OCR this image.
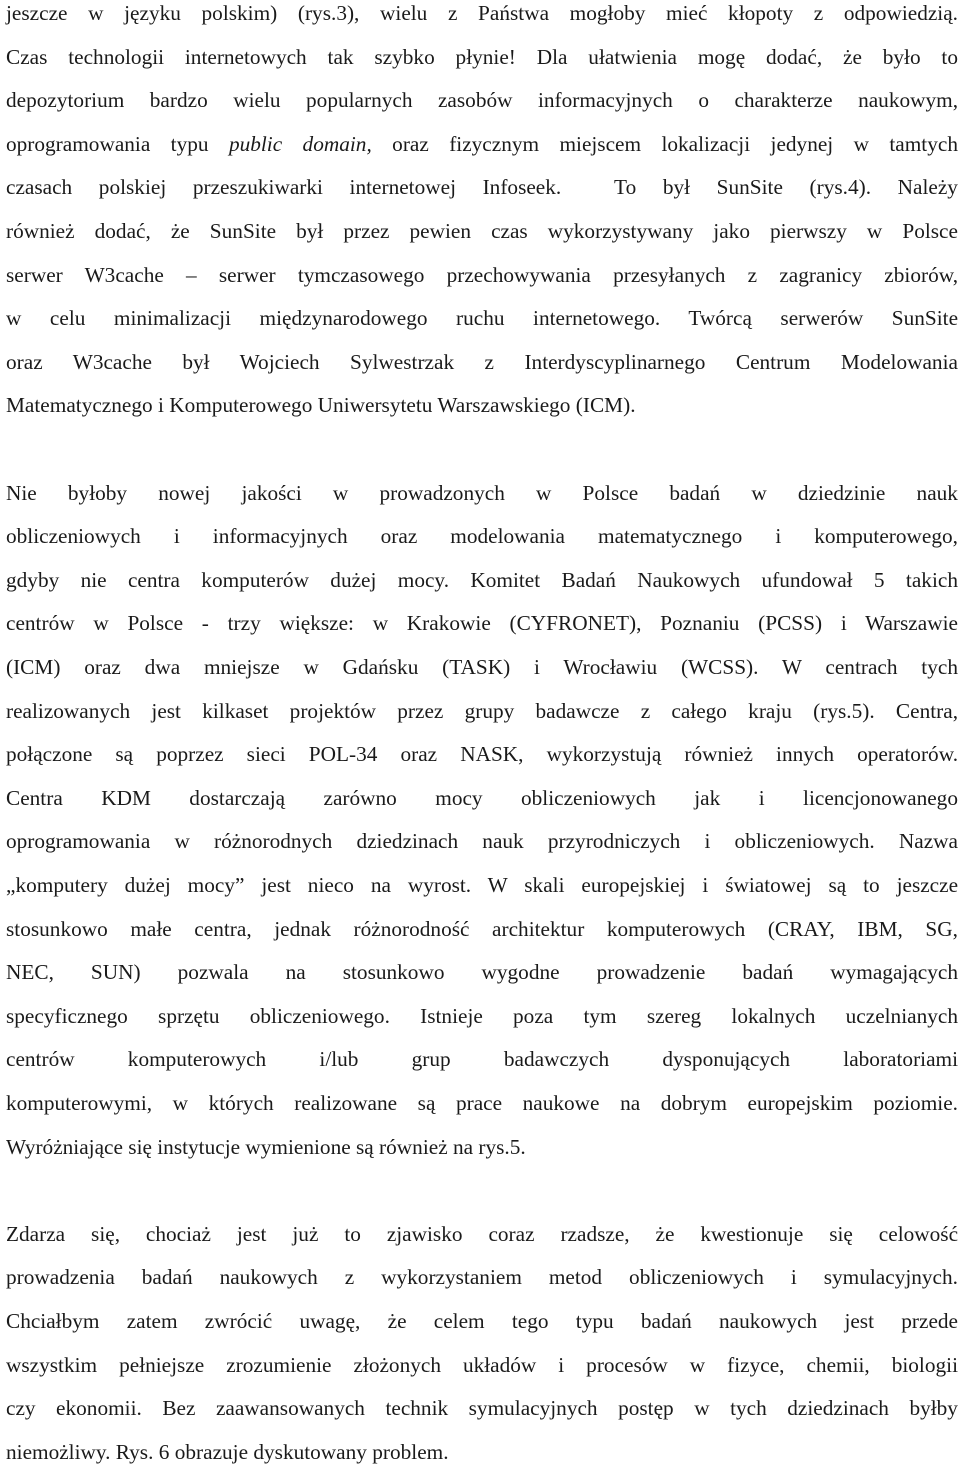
jeszcze w języku polskim) (rys.3), wielu z Państwa mogłoby mieć kłopoty z odpowiedzią.
Czas technologii internetowych tak szybko płynie! Dla ułatwienia mogę dodać, że było to
depozytorium bardzo wielu popularnych zasobów informacyjnych o charakterze naukowym,
oprogramowania typu public domain, oraz fizycznym miejscem lokalizacji jedynej w tamtych
czasach polskiej przeszukiwarki internetowej Infoseek.  To był SunSite (rys.4). Należy
również dodać, że SunSite był przez pewien czas wykorzystywany jako pierwszy w Polsce
serwer W3cache – serwer tymczasowego przechowywania przesyłanych z zagranicy zbiorów,
w celu minimalizacji międzynarodowego ruchu internetowego. Twórcą serwerów SunSite
oraz W3cache był Wojciech Sylwestrzak z Interdyscyplinarnego Centrum Modelowania
Matematycznego i Komputerowego Uniwersytetu Warszawskiego (ICM).
Nie byłoby nowej jakości w prowadzonych w Polsce badań w dziedzinie nauk
obliczeniowych i informacyjnych oraz modelowania matematycznego i komputerowego,
gdyby nie centra komputerów dużej mocy. Komitet Badań Naukowych ufundował 5 takich
centrów w Polsce - trzy większe: w Krakowie (CYFRONET), Poznaniu (PCSS) i Warszawie
(ICM) oraz dwa mniejsze w Gdańsku (TASK) i Wrocławiu (WCSS). W centrach tych
realizowanych jest kilkaset projektów przez grupy badawcze z całego kraju (rys.5). Centra,
połączone są poprzez sieci POL-34 oraz NASK, wykorzystują również innych operatorów.
Centra KDM dostarczają zarówno mocy obliczeniowych jak i licencjonowanego
oprogramowania w różnorodnych dziedzinach nauk przyrodniczych i obliczeniowych. Nazwa
„komputery dużej mocy” jest nieco na wyrost. W skali europejskiej i światowej są to jeszcze
stosunkowo małe centra, jednak różnorodność architektur komputerowych (CRAY, IBM, SG,
NEC, SUN) pozwala na stosunkowo wygodne prowadzenie badań wymagających
specyficznego sprzętu obliczeniowego. Istnieje poza tym szereg lokalnych uczelnianych
centrów komputerowych i/lub grup badawczych dysponujących laboratoriami
komputerowymi, w których realizowane są prace naukowe na dobrym europejskim poziomie.
Wyróżniające się instytucje wymienione są również na rys.5.
Zdarza się, chociaż jest już to zjawisko coraz rzadsze, że kwestionuje się celowość
prowadzenia badań naukowych z wykorzystaniem metod obliczeniowych i symulacyjnych.
Chciałbym zatem zwrócić uwagę, że celem tego typu badań naukowych jest przede
wszystkim pełniejsze zrozumienie złożonych układów i procesów w fizyce, chemii, biologii
czy ekonomii. Bez zaawansowanych technik symulacyjnych postęp w tych dziedzinach byłby
niemożliwy. Rys. 6 obrazuje dyskutowany problem.
